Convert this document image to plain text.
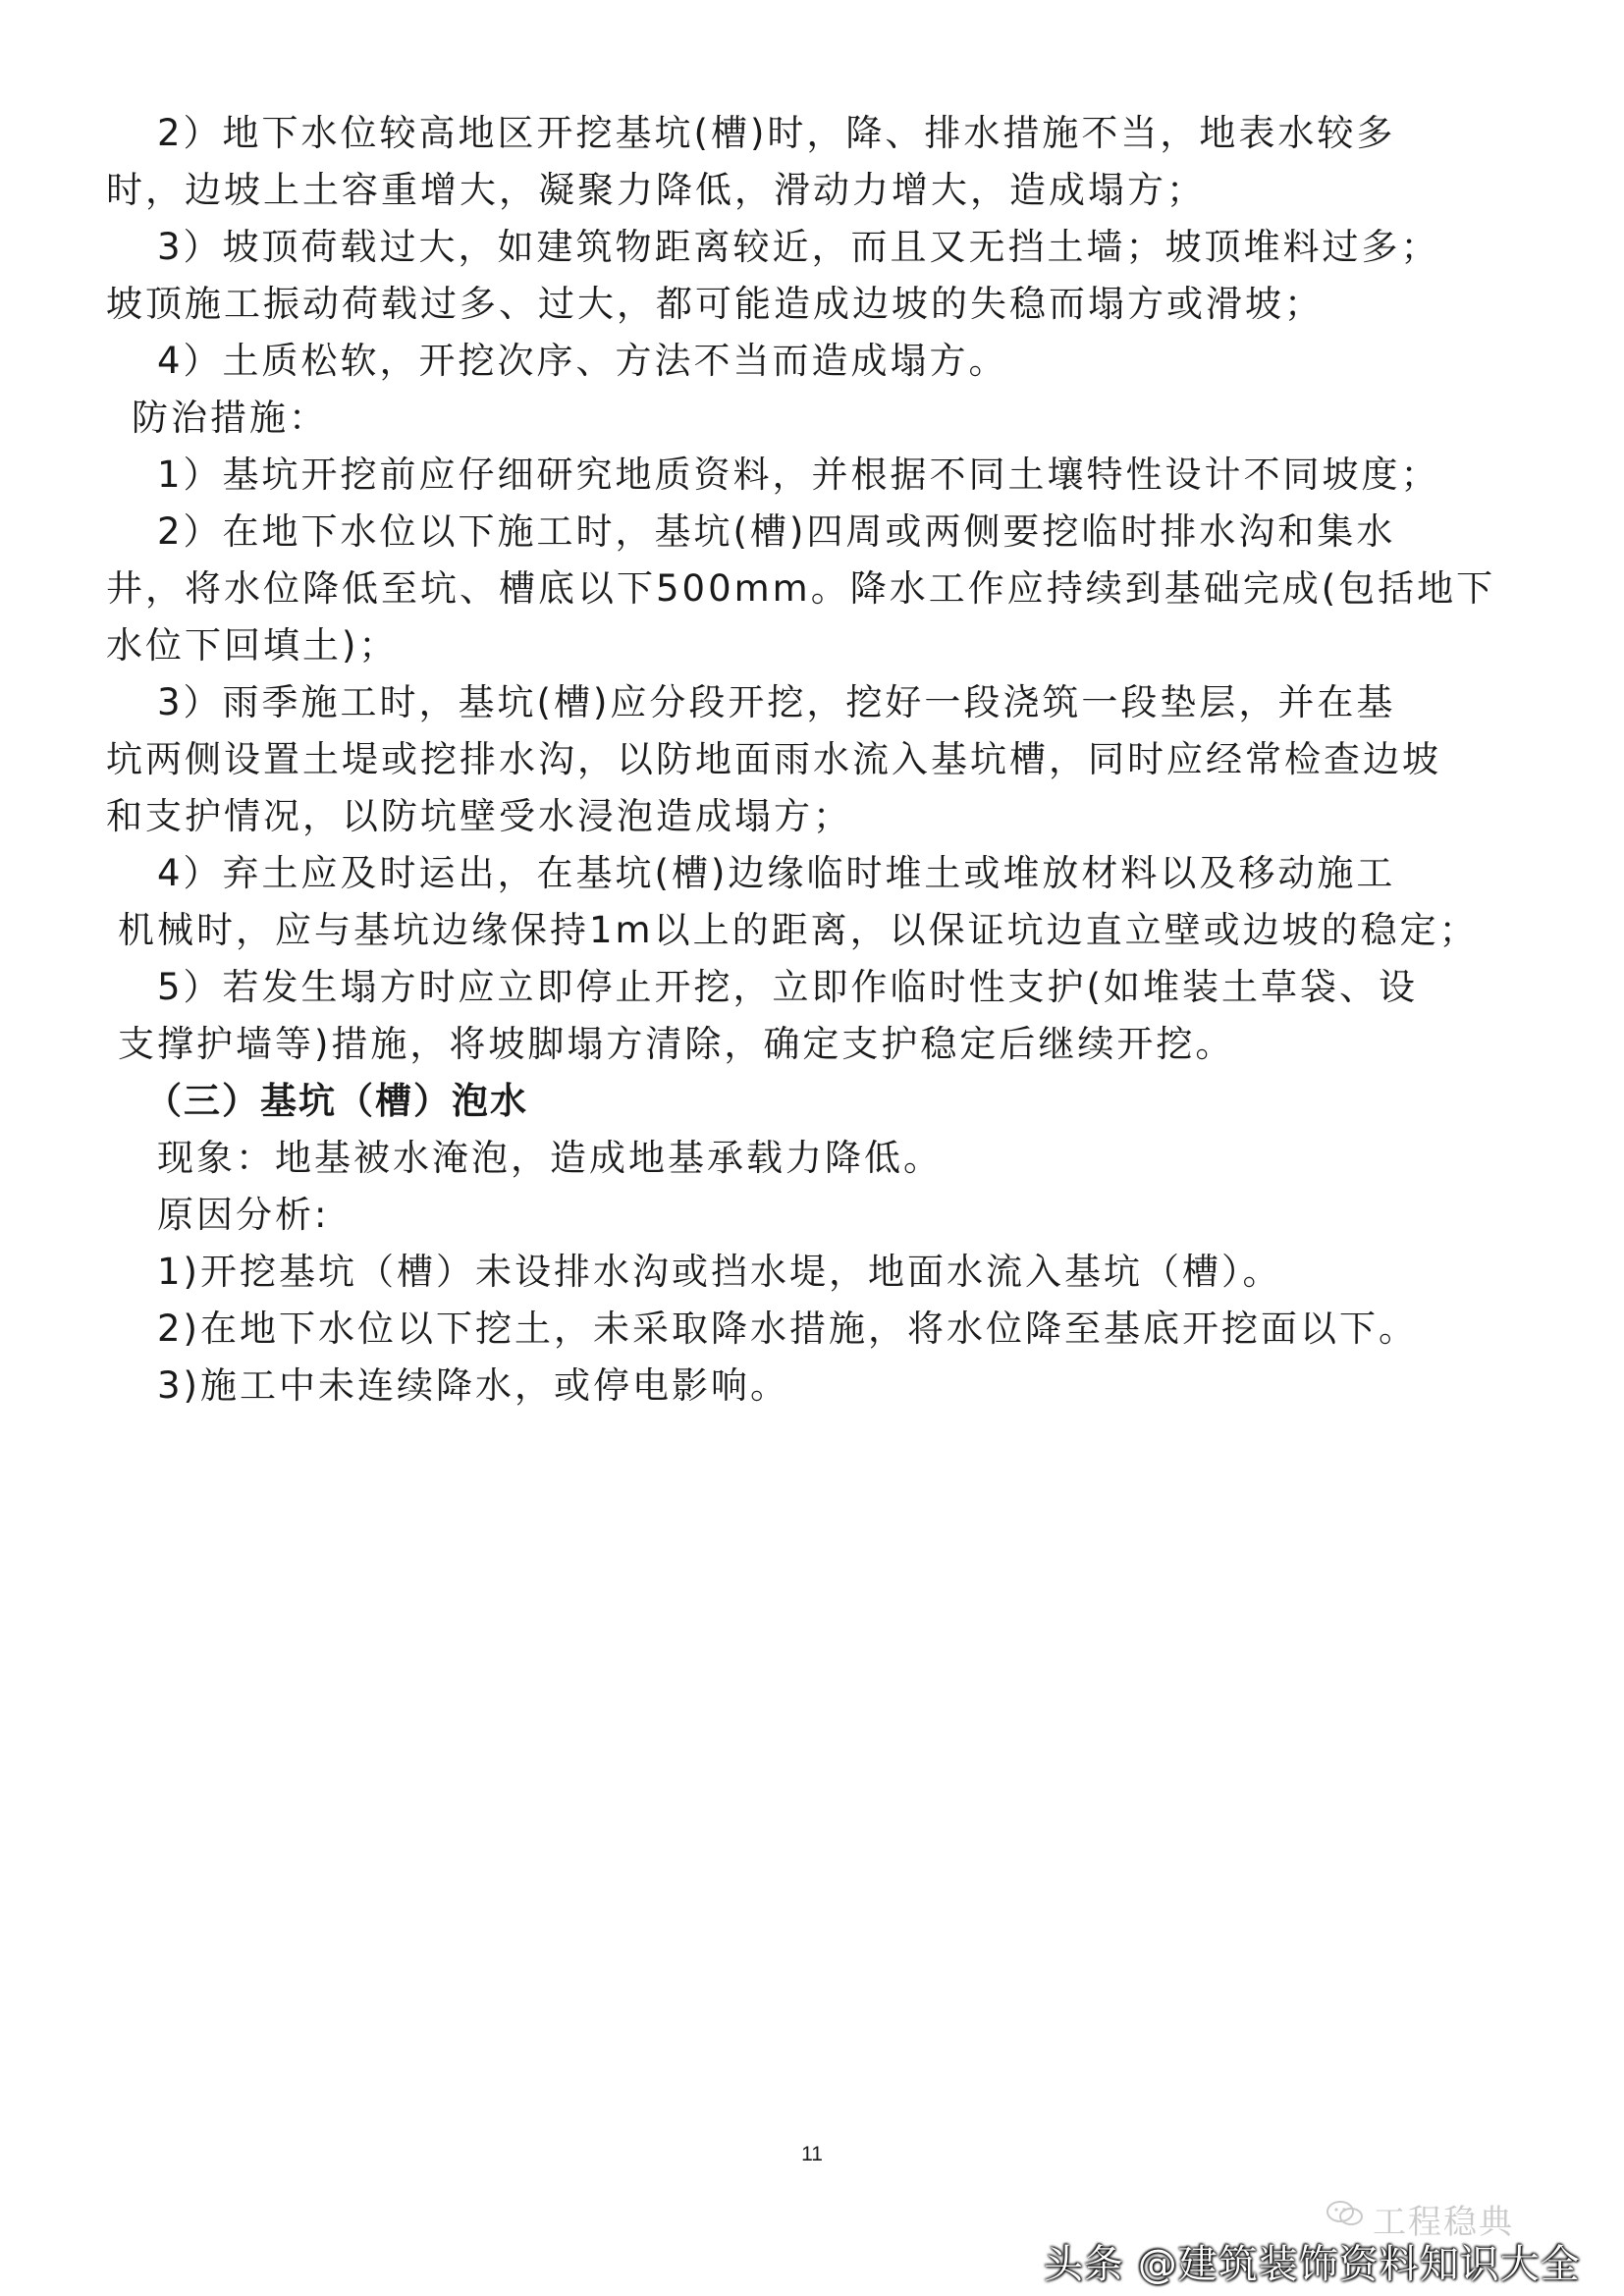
2）地下水位较高地区开挖基坑(槽)时，降、排水措施不当，地表水较多
时，边坡上土容重增大，凝聚力降低，滑动力增大，造成塌方；
3）坡顶荷载过大，如建筑物距离较近，而且又无挡土墙；坡顶堆料过多；
坡顶施工振动荷载过多、过大，都可能造成边坡的失稳而塌方或滑坡；
4）土质松软，开挖次序、方法不当而造成塌方。
防治措施：
1）基坑开挖前应仔细研究地质资料，并根据不同土壤特性设计不同坡度；
2）在地下水位以下施工时，基坑(槽)四周或两侧要挖临时排水沟和集水
井，将水位降低至坑、槽底以下500mm。降水工作应持续到基础完成(包括地下
水位下回填土)；
3）雨季施工时，基坑(槽)应分段开挖，挖好一段浇筑一段垫层，并在基
坑两侧设置土堤或挖排水沟，以防地面雨水流入基坑槽，同时应经常检查边坡
和支护情况，以防坑壁受水浸泡造成塌方；
4）弃土应及时运出，在基坑(槽)边缘临时堆土或堆放材料以及移动施工
机械时，应与基坑边缘保持1m以上的距离，以保证坑边直立壁或边坡的稳定；
5）若发生塌方时应立即停止开挖，立即作临时性支护(如堆装土草袋、设
支撑护墙等)措施，将坡脚塌方清除，确定支护稳定后继续开挖。
（三）基坑（槽）泡水
现象：地基被水淹泡，造成地基承载力降低。
原因分析:
1)开挖基坑（槽）未设排水沟或挡水堤，地面水流入基坑（槽）。
2)在地下水位以下挖土，未采取降水措施，将水位降至基底开挖面以下。
3)施工中未连续降水，或停电影响。
11
工程稳典
头条 @建筑装饰资料知识大全
